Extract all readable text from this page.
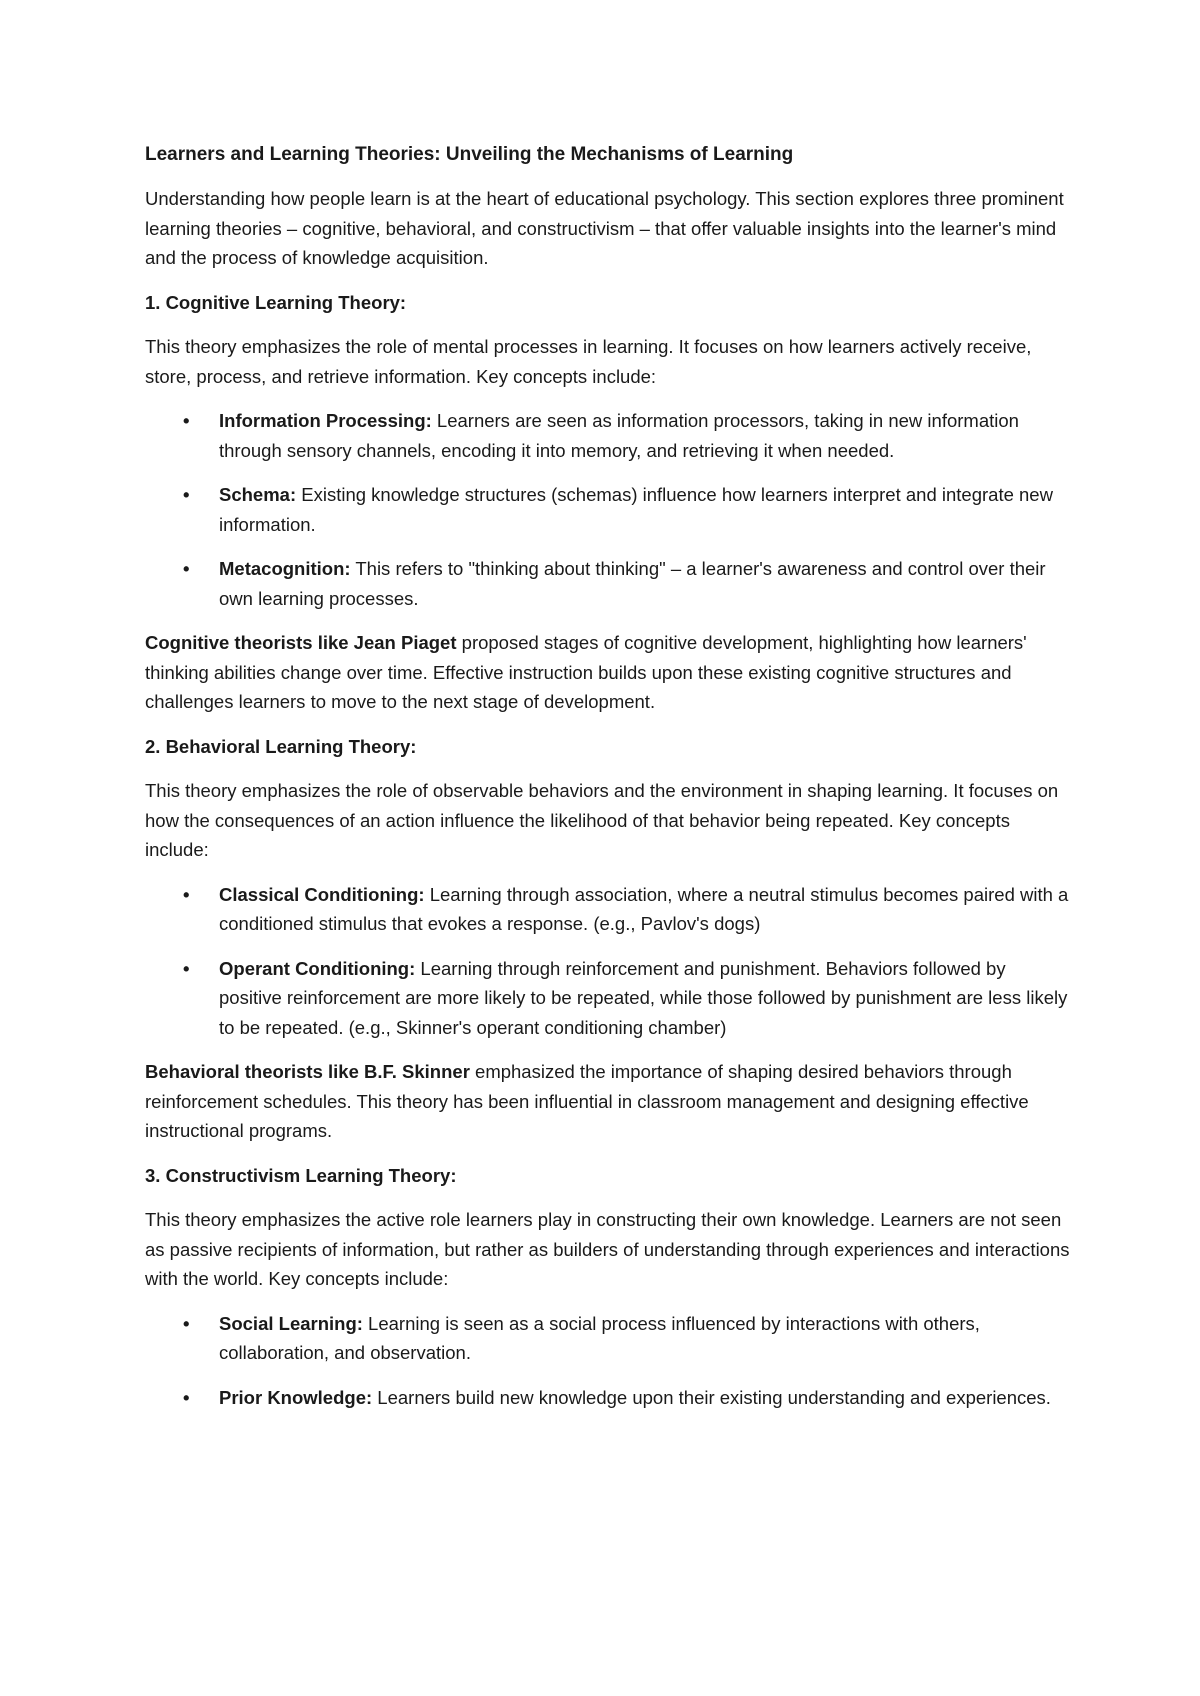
Learners and Learning Theories: Unveiling the Mechanisms of Learning

Understanding how people learn is at the heart of educational psychology. This section explores three prominent learning theories – cognitive, behavioral, and constructivism – that offer valuable insights into the learner's mind and the process of knowledge acquisition.

1. Cognitive Learning Theory:

This theory emphasizes the role of mental processes in learning. It focuses on how learners actively receive, store, process, and retrieve information. Key concepts include:

• Information Processing: Learners are seen as information processors, taking in new information through sensory channels, encoding it into memory, and retrieving it when needed.
• Schema: Existing knowledge structures (schemas) influence how learners interpret and integrate new information.
• Metacognition: This refers to "thinking about thinking" – a learner's awareness and control over their own learning processes.

Cognitive theorists like Jean Piaget proposed stages of cognitive development, highlighting how learners' thinking abilities change over time. Effective instruction builds upon these existing cognitive structures and challenges learners to move to the next stage of development.

2. Behavioral Learning Theory:

This theory emphasizes the role of observable behaviors and the environment in shaping learning. It focuses on how the consequences of an action influence the likelihood of that behavior being repeated. Key concepts include:

• Classical Conditioning: Learning through association, where a neutral stimulus becomes paired with a conditioned stimulus that evokes a response. (e.g., Pavlov's dogs)
• Operant Conditioning: Learning through reinforcement and punishment. Behaviors followed by positive reinforcement are more likely to be repeated, while those followed by punishment are less likely to be repeated. (e.g., Skinner's operant conditioning chamber)

Behavioral theorists like B.F. Skinner emphasized the importance of shaping desired behaviors through reinforcement schedules. This theory has been influential in classroom management and designing effective instructional programs.

3. Constructivism Learning Theory:

This theory emphasizes the active role learners play in constructing their own knowledge. Learners are not seen as passive recipients of information, but rather as builders of understanding through experiences and interactions with the world. Key concepts include:

• Social Learning: Learning is seen as a social process influenced by interactions with others, collaboration, and observation.
• Prior Knowledge: Learners build new knowledge upon their existing understanding and experiences.
